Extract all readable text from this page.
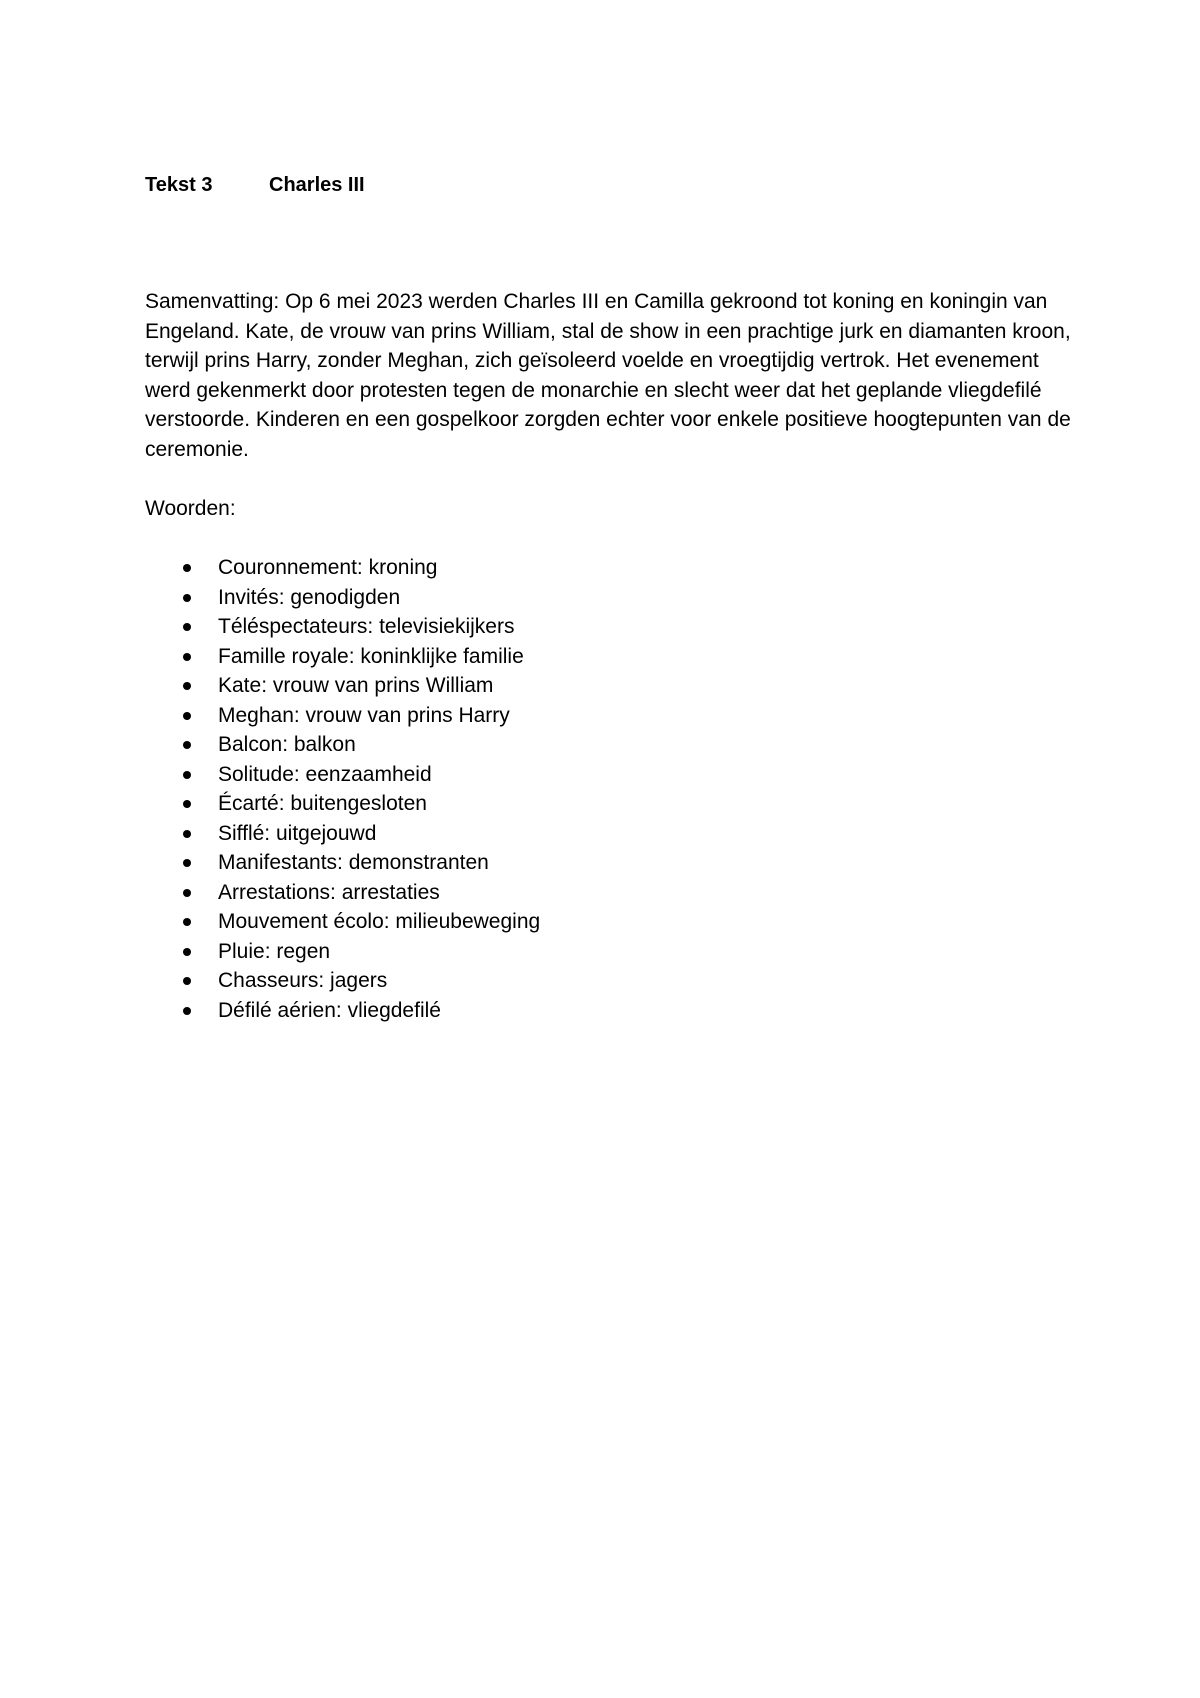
Tekst 3	Charles III

Samenvatting: Op 6 mei 2023 werden Charles III en Camilla gekroond tot koning en koningin van Engeland. Kate, de vrouw van prins William, stal de show in een prachtige jurk en diamanten kroon, terwijl prins Harry, zonder Meghan, zich geïsoleerd voelde en vroegtijdig vertrok. Het evenement werd gekenmerkt door protesten tegen de monarchie en slecht weer dat het geplande vliegdefilé verstoorde. Kinderen en een gospelkoor zorgden echter voor enkele positieve hoogtepunten van de ceremonie.

Woorden:
Couronnement: kroning
Invités: genodigden
Téléspectateurs: televisiekijkers
Famille royale: koninklijke familie
Kate: vrouw van prins William
Meghan: vrouw van prins Harry
Balcon: balkon
Solitude: eenzaamheid
Écarté: buitengesloten
Sifflé: uitgejouwd
Manifestants: demonstranten
Arrestations: arrestaties
Mouvement écolo: milieubeweging
Pluie: regen
Chasseurs: jagers
Défilé aérien: vliegdefilé
